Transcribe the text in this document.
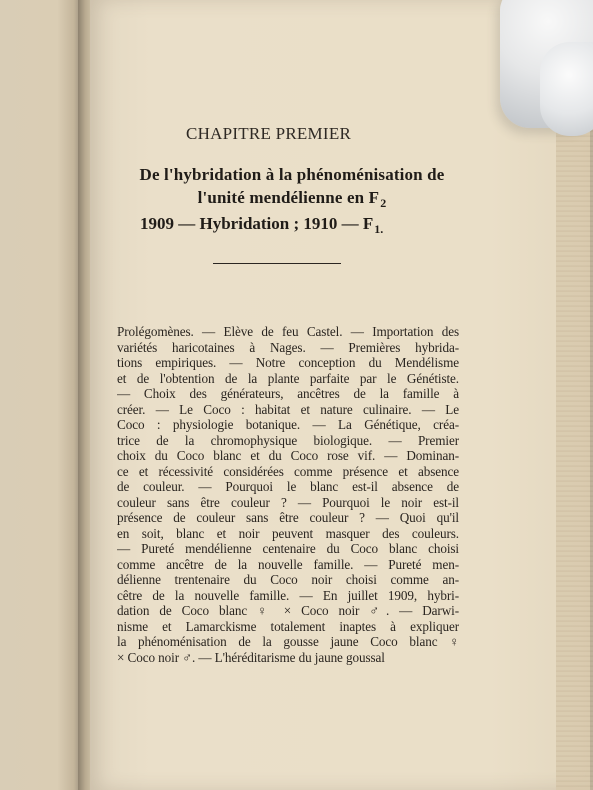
CHAPITRE PREMIER
De l'hybridation à la phénoménisation de
l'unité mendélienne en $F_2$
1909 — Hybridation ; 1910 — $F_{1.}$
Prolégomènes. — Elève de feu Castel. — Importation des
variétés haricotaines à Nages. — Premières hybrida-
tions empiriques. — Notre conception du Mendélisme
et de l'obtention de la plante parfaite par le Génétiste.
— Choix des générateurs, ancêtres de la famille à
créer. — Le Coco : habitat et nature culinaire. — Le
Coco : physiologie botanique. — La Génétique, créa-
trice de la chromophysique biologique. — Premier
choix du Coco blanc et du Coco rose vif. — Dominan-
ce et récessivité considérées comme présence et absence
de couleur. — Pourquoi le blanc est-il absence de
couleur sans être couleur ? — Pourquoi le noir est-il
présence de couleur sans être couleur ? — Quoi qu'il
en soit, blanc et noir peuvent masquer des couleurs.
— Pureté mendélienne centenaire du Coco blanc choisi
comme ancêtre de la nouvelle famille. — Pureté men-
délienne trentenaire du Coco noir choisi comme an-
cêtre de la nouvelle famille. — En juillet 1909, hybri-
dation de Coco blanc ♀ × Coco noir ♂. — Darwi-
nisme et Lamarckisme totalement inaptes à expliquer
la phénoménisation de la gousse jaune Coco blanc ♀
× Coco noir ♂. — L'héréditarisme du jaune goussal
